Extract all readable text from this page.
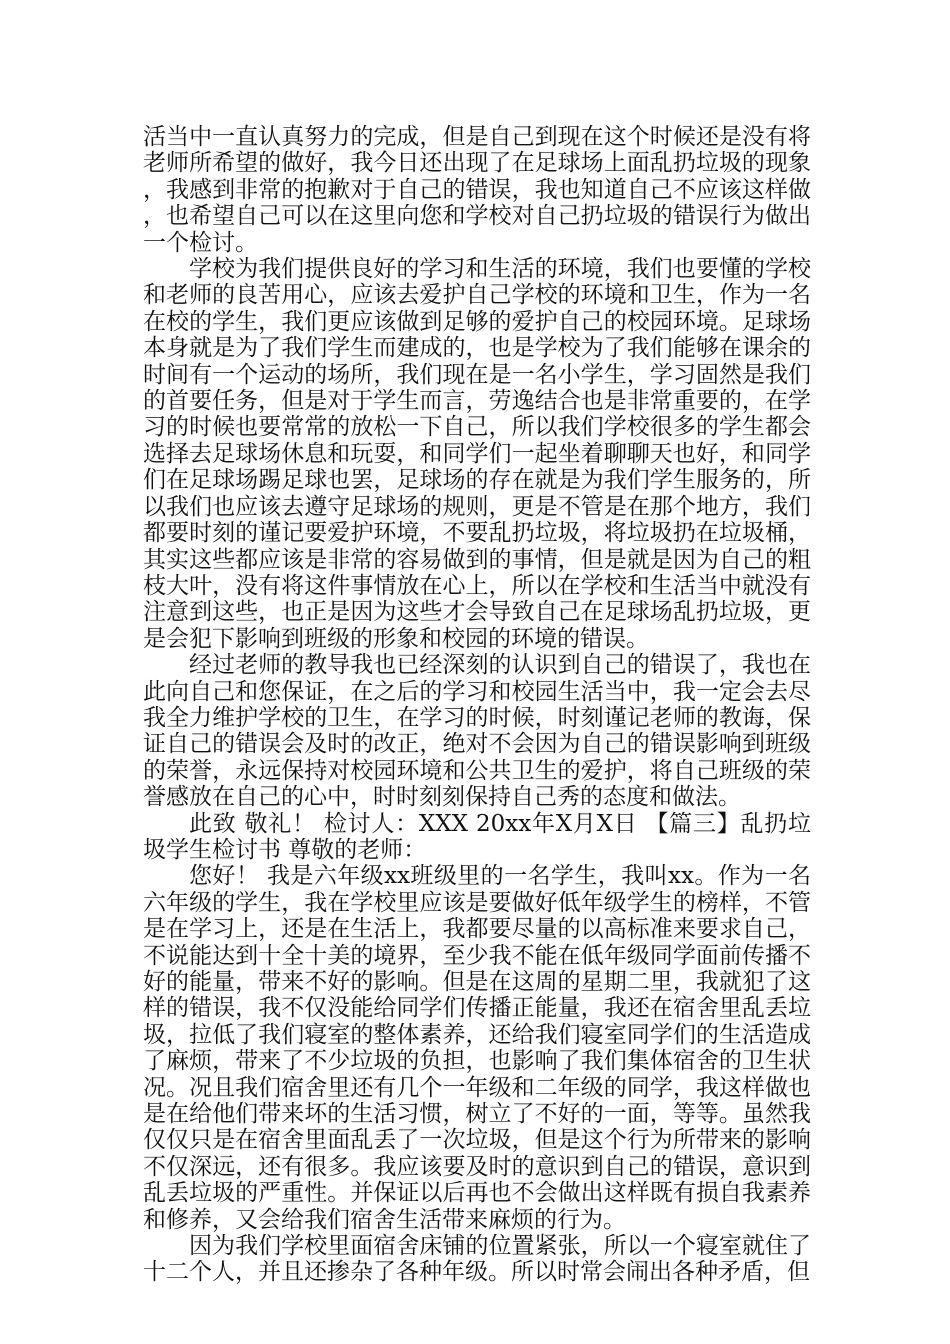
活当中一直认真努力的完成，但是自己到现在这个时候还是没有将老师所希望的做好，我今日还出现了在足球场上面乱扔垃圾的现象，我感到非常的抱歉对于自己的错误，我也知道自己不应该这样做，也希望自己可以在这里向您和学校对自己扔垃圾的错误行为做出一个检讨。

学校为我们提供良好的学习和生活的环境，我们也要懂的学校和老师的良苦用心，应该去爱护自己学校的环境和卫生，作为一名在校的学生，我们更应该做到足够的爱护自己的校园环境。足球场本身就是为了我们学生而建成的，也是学校为了我们能够在课余的时间有一个运动的场所，我们现在是一名小学生，学习固然是我们的首要任务，但是对于学生而言，劳逸结合也是非常重要的，在学习的时候也要常常的放松一下自己，所以我们学校很多的学生都会选择去足球场休息和玩耍，和同学们一起坐着聊聊天也好，和同学们在足球场踢足球也罢，足球场的存在就是为我们学生服务的，所以我们也应该去遵守足球场的规则，更是不管是在那个地方，我们都要时刻的谨记要爱护环境，不要乱扔垃圾，将垃圾扔在垃圾桶，其实这些都应该是非常的容易做到的事情，但是就是因为自己的粗枝大叶，没有将这件事情放在心上，所以在学校和生活当中就没有注意到这些，也正是因为这些才会导致自己在足球场乱扔垃圾，更是会犯下影响到班级的形象和校园的环境的错误。

经过老师的教导我也已经深刻的认识到自己的错误了，我也在此向自己和您保证，在之后的学习和校园生活当中，我一定会去尽我全力维护学校的卫生，在学习的时候，时刻谨记老师的教诲，保证自己的错误会及时的改正，绝对不会因为自己的错误影响到班级的荣誉，永远保持对校园环境和公共卫生的爱护，将自己班级的荣誉感放在自己的心中，时时刻刻保持自己秀的态度和做法。

此致 敬礼！ 检讨人：XXX 20xx年X月X日 【篇三】乱扔垃圾学生检讨书 尊敬的老师：

您好！ 我是六年级xx班级里的一名学生，我叫xx。作为一名六年级的学生，我在学校里应该是要做好低年级学生的榜样，不管是在学习上，还是在生活上，我都要尽量的以高标准来要求自己，不说能达到十全十美的境界，至少我不能在低年级同学面前传播不好的能量，带来不好的影响。但是在这周的星期二里，我就犯了这样的错误，我不仅没能给同学们传播正能量，我还在宿舍里乱丢垃圾，拉低了我们寝室的整体素养，还给我们寝室同学们的生活造成了麻烦，带来了不少垃圾的负担，也影响了我们集体宿舍的卫生状况。况且我们宿舍里还有几个一年级和二年级的同学，我这样做也是在给他们带来坏的生活习惯，树立了不好的一面，等等。虽然我仅仅只是在宿舍里面乱丢了一次垃圾，但是这个行为所带来的影响不仅深远，还有很多。我应该要及时的意识到自己的错误，意识到乱丢垃圾的严重性。并保证以后再也不会做出这样既有损自我素养和修养，又会给我们宿舍生活带来麻烦的行为。

因为我们学校里面宿舍床铺的位置紧张，所以一个寝室就住了十二个人，并且还掺杂了各种年级。所以时常会闹出各种矛盾，但
